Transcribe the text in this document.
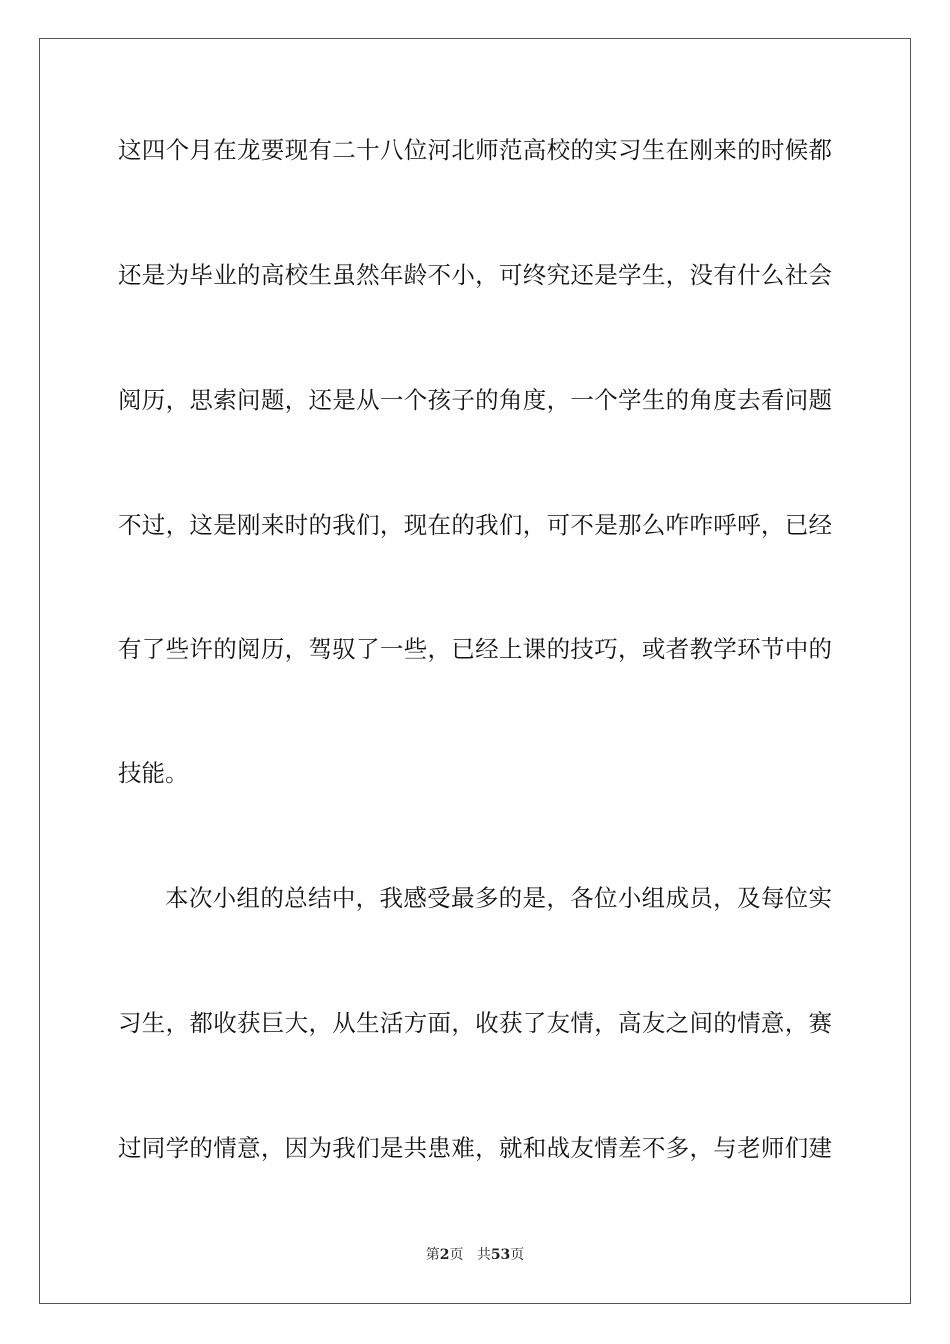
这四个月在龙要现有二十八位河北师范高校的实习生在刚来的时候都
还是为毕业的高校生虽然年龄不小，可终究还是学生，没有什么社会
阅历，思索问题，还是从一个孩子的角度，一个学生的角度去看问题
不过，这是刚来时的我们，现在的我们，可不是那么咋咋呼呼，已经
有了些许的阅历，驾驭了一些，已经上课的技巧，或者教学环节中的
技能。
本次小组的总结中，我感受最多的是，各位小组成员，及每位实
习生，都收获巨大，从生活方面，收获了友情，高友之间的情意，赛
过同学的情意，因为我们是共患难，就和战友情差不多，与老师们建
第2页 共53页
